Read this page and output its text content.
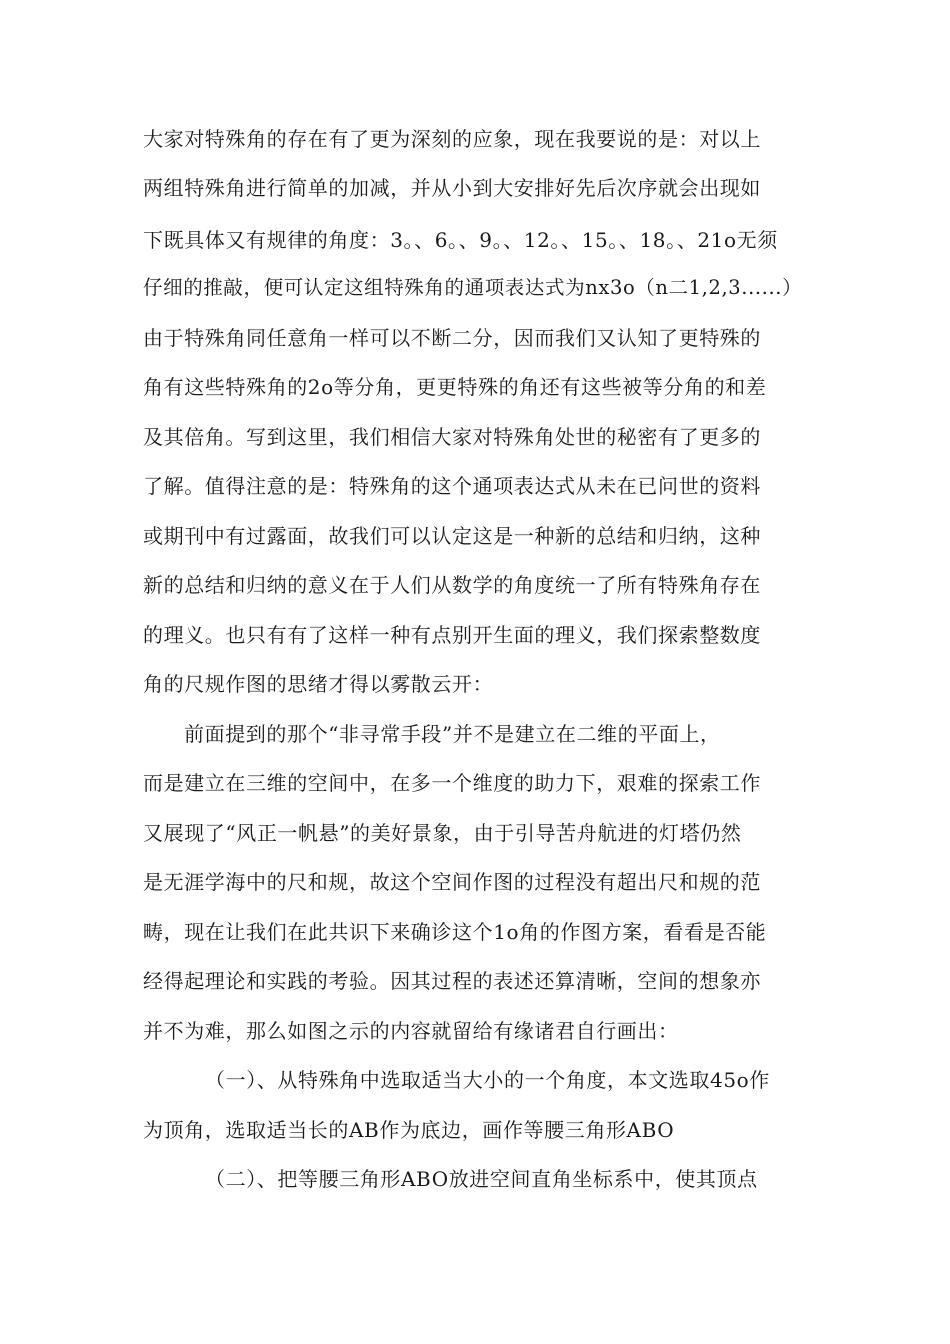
大家对特殊角的存在有了更为深刻的应象，现在我要说的是：对以上
两组特殊角进行简单的加减，并从小到大安排好先后次序就会出现如
下既具体又有规律的角度：3。、6。、9。、12。、15。、18。、21o无须
仔细的推敲，便可认定这组特殊角的通项表达式为nx3o（n二1,2,3......）
由于特殊角同任意角一样可以不断二分，因而我们又认知了更特殊的
角有这些特殊角的2o等分角，更更特殊的角还有这些被等分角的和差
及其倍角。写到这里，我们相信大家对特殊角处世的秘密有了更多的
了解。值得注意的是：特殊角的这个通项表达式从未在已问世的资料
或期刊中有过露面，故我们可以认定这是一种新的总结和归纳，这种
新的总结和归纳的意义在于人们从数学的角度统一了所有特殊角存在
的理义。也只有有了这样一种有点别开生面的理义，我们探索整数度
角的尺规作图的思绪才得以雾散云开：
前面提到的那个“非寻常手段”并不是建立在二维的平面上，
而是建立在三维的空间中，在多一个维度的助力下，艰难的探索工作
又展现了“风正一帆悬”的美好景象，由于引导苦舟航进的灯塔仍然
是无涯学海中的尺和规，故这个空间作图的过程没有超出尺和规的范
畴，现在让我们在此共识下来确诊这个1o角的作图方案，看看是否能
经得起理论和实践的考验。因其过程的表述还算清晰，空间的想象亦
并不为难，那么如图之示的内容就留给有缘诸君自行画出：
（一）、从特殊角中选取适当大小的一个角度，本文选取45o作
为顶角，选取适当长的AB作为底边，画作等腰三角形ABO
（二）、把等腰三角形ABO放进空间直角坐标系中，使其顶点
